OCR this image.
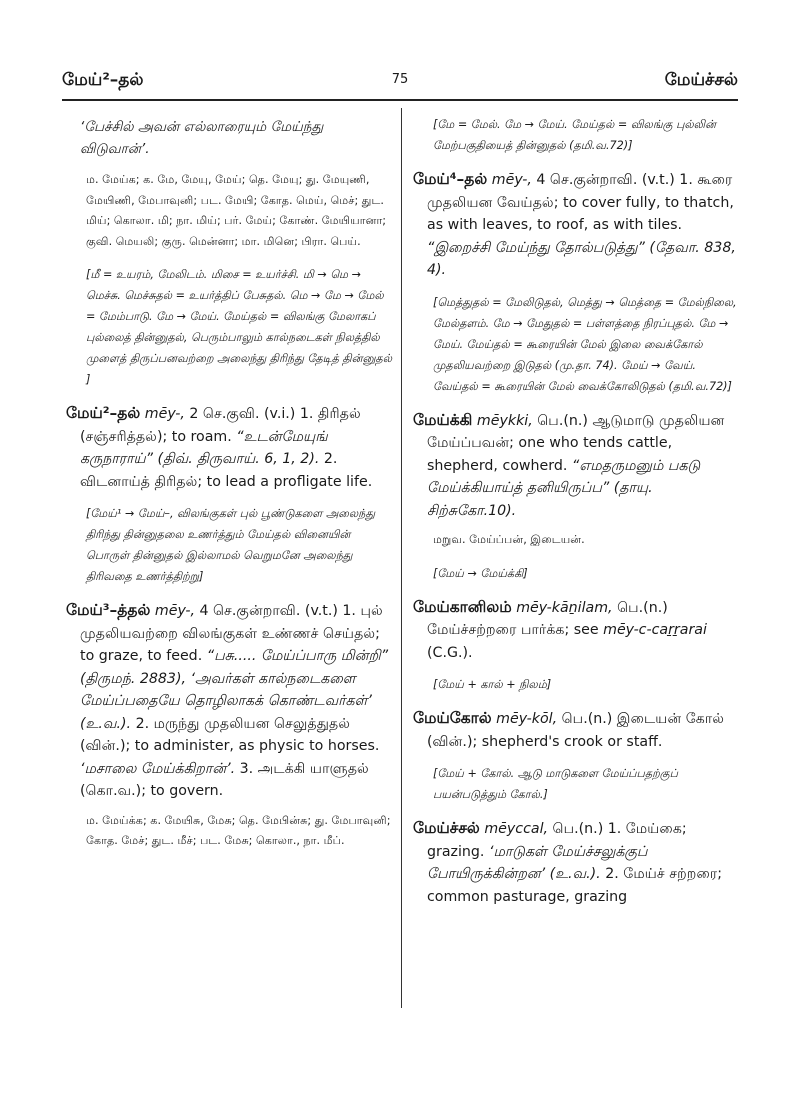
மேய்²–தல்	75	மேய்ச்சல்
‘பேச்சில் அவன் எல்லாரையும் மேய்ந்து விடுவான்’.
ம. மேய்க; க. மே, மேயு, மேய்; தெ. மேயு; து. மேயுணி, மேயிணி, மேபாவுனி; பட. மேயி; கோத. மெய், மெச்; துட. மிய்; கொலா. மி; நா. மிய்; பர். மேய்; கோண். மேயியானா; குவி. மெயலி; குரு. மென்னா; மா. மினெ; பிரா. பெய்.
[மீ = உயரம், மேலிடம். மிசை = உயர்ச்சி. மி → மெ → மெச்சு. மெச்சுதல் = உயர்த்திப் பேசுதல். மெ → மே → மேல் = மேம்பாடு. மே → மேய். மேய்தல் = விலங்கு மேலாகப் புல்லைத் தின்னுதல், பெரும்பாலும் கால்நடைகள் நிலத்தில் முளைத் திருப்பனவற்றை அலைந்து திரிந்து தேடித் தின்னுதல் ]
மேய்²–தல் mēy-, 2 செ.குவி. (v.i.) 1. திரிதல் (சஞ்சரித்தல்); to roam. “உடன்மேயுங் கருநாராய்” (திவ். திருவாய். 6, 1, 2). 2. விடனாய்த் திரிதல்; to lead a profligate life.
[மேய்¹ → மேய்–, விலங்குகள் புல் பூண்டுகளை அலைந்து திரிந்து தின்னுதலை உணர்த்தும் மேய்தல் வினையின் பொருள் தின்னுதல் இல்லாமல் வெறுமனே அலைந்து திரிவதை உணர்த்திற்று]
மேய்³–த்தல் mēy-, 4 செ.குன்றாவி. (v.t.) 1. புல் முதலியவற்றை விலங்குகள் உண்ணச் செய்தல்; to graze, to feed. “பசு..... மேய்ப்பாரு மின்றி” (திருமந். 2883), ‘அவர்கள் கால்நடைகளை மேய்ப்பதையே தொழிலாகக் கொண்டவர்கள்’ (உ.வ.). 2. மருந்து முதலியன செலுத்துதல் (வின்.); to administer, as physic to horses. ‘மசாலை மேய்க்கிறான்’. 3. அடக்கி யாளுதல் (கொ.வ.); to govern.
ம. மேய்க்க; க. மேயிசு, மேசு; தெ. மேபின்சு; து. மேபாவுனி; கோத. மேச்; துட. மீச்; பட. மேசு; கொலா., நா. மீப்.
[மே = மேல். மே → மேய். மேய்தல் = விலங்கு புல்லின் மேற்பகுதியைத் தின்னுதல் (தமி.வ.72)]
மேய்⁴–தல் mēy-, 4 செ.குன்றாவி. (v.t.) 1. கூரை முதலியன வேய்தல்; to cover fully, to thatch, as with leaves, to roof, as with tiles. “இறைச்சி மேய்ந்து தோல்படுத்து” (தேவா. 838, 4).
[மெத்துதல் = மேலிடுதல், மெத்து → மெத்தை = மேல்நிலை, மேல்தளம். மே → மேதுதல் = பள்ளத்தை நிரப்புதல். மே → மேய். மேய்தல் = கூரையின் மேல் இலை வைக்கோல் முதலியவற்றை இடுதல் (மு.தா. 74). மேய் → வேய். வேய்தல் = கூரையின் மேல் வைக்கோலிடுதல் (தமி.வ.72)]
மேய்க்கி mēykki, பெ.(n.) ஆடுமாடு முதலியன மேய்ப்பவன்; one who tends cattle, shepherd, cowherd. “எமதருமனும் பகடு மேய்க்கியாய்த் தனியிருப்ப” (தாயு. சிற்சுகோ.10).
மறுவ. மேய்ப்பன், இடையன்.
[மேய் → மேய்க்கி]
மேய்கானிலம் mēy-kāṉilam, பெ.(n.) மேய்ச்சற்றரை பார்க்க; see mēy-c-caṟṟarai (C.G.).
[மேய் + கால் + நிலம்]
மேய்கோல் mēy-kōl, பெ.(n.) இடையன் கோல் (வின்.); shepherd's crook or staff.
[மேய் + கோல். ஆடு மாடுகளை மேய்ப்பதற்குப் பயன்படுத்தும் கோல்.]
மேய்ச்சல் mēyccal, பெ.(n.) 1. மேய்கை; grazing. ‘மாடுகள் மேய்ச்சலுக்குப் போயிருக்கின்றன’ (உ.வ.). 2. மேய்ச் சற்றரை; common pasturage, grazing
